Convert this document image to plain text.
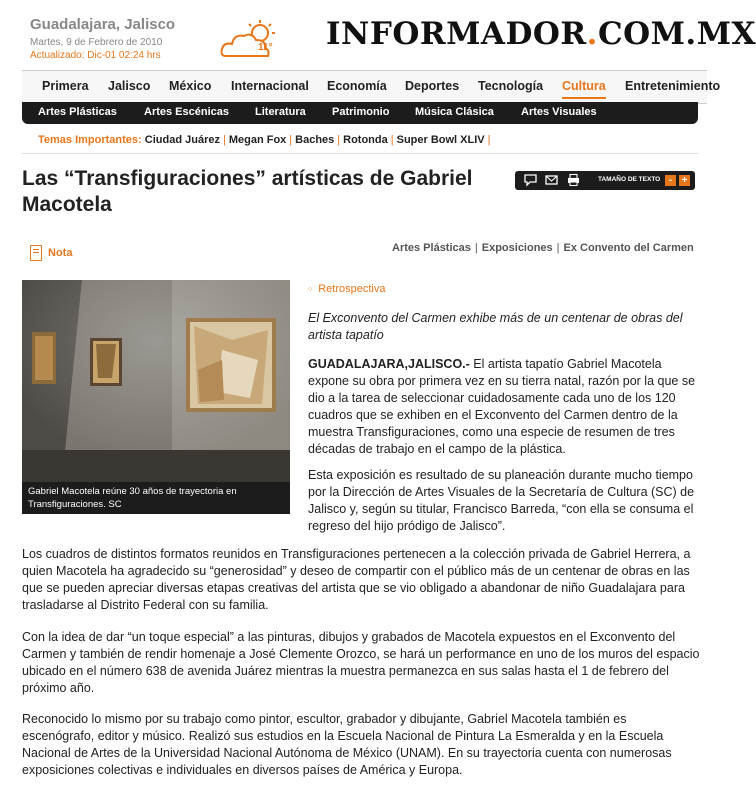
Guadalajara, Jalisco
Martes, 9 de Febrero de 2010
Actualizado: Dic-01 02:24 hrs
11° INFORMADOR.COM.MX
Primera Jalisco México Internacional Economía Deportes Tecnología Cultura Entretenimiento
Artes Plásticas Artes Escénicas Literatura Patrimonio Música Clásica Artes Visuales
Temas Importantes: Ciudad Juárez | Megan Fox | Baches | Rotonda | Super Bowl XLIV |
Las “Transfiguraciones” artísticas de Gabriel Macotela
TAMAÑO DE TEXTO - +
Nota	Artes Plásticas | Exposiciones | Ex Convento del Carmen
Gabriel Macotela reúne 30 años de trayectoria en Transfiguraciones. SC
○ Retrospectiva
El Exconvento del Carmen exhibe más de un centenar de obras del artista tapatío

GUADALAJARA,JALISCO.- El artista tapatío Gabriel Macotela expone su obra por primera vez en su tierra natal, razón por la que se dio a la tarea de seleccionar cuidadosamente cada uno de los 120 cuadros que se exhiben en el Exconvento del Carmen dentro de la muestra Transfiguraciones, como una especie de resumen de tres décadas de trabajo en el campo de la plástica.

Esta exposición es resultado de su planeación durante mucho tiempo por la Dirección de Artes Visuales de la Secretaría de Cultura (SC) de Jalisco y, según su titular, Francisco Barreda, “con ella se consuma el regreso del hijo pródigo de Jalisco”.

Los cuadros de distintos formatos reunidos en Transfiguraciones pertenecen a la colección privada de Gabriel Herrera, a quien Macotela ha agradecido su “generosidad” y deseo de compartir con el público más de un centenar de obras en las que se pueden apreciar diversas etapas creativas del artista que se vio obligado a abandonar de niño Guadalajara para trasladarse al Distrito Federal con su familia.

Con la idea de dar “un toque especial” a las pinturas, dibujos y grabados de Macotela expuestos en el Exconvento del Carmen y también de rendir homenaje a José Clemente Orozco, se hará un performance en uno de los muros del espacio ubicado en el número 638 de avenida Juárez mientras la muestra permanezca en sus salas hasta el 1 de febrero del próximo año.

Reconocido lo mismo por su trabajo como pintor, escultor, grabador y dibujante, Gabriel Macotela también es escenógrafo, editor y músico. Realizó sus estudios en la Escuela Nacional de Pintura La Esmeralda y en la Escuela Nacional de Artes de la Universidad Nacional Autónoma de México (UNAM). En su trayectoria cuenta con numerosas exposiciones colectivas e individuales en diversos países de América y Europa.
